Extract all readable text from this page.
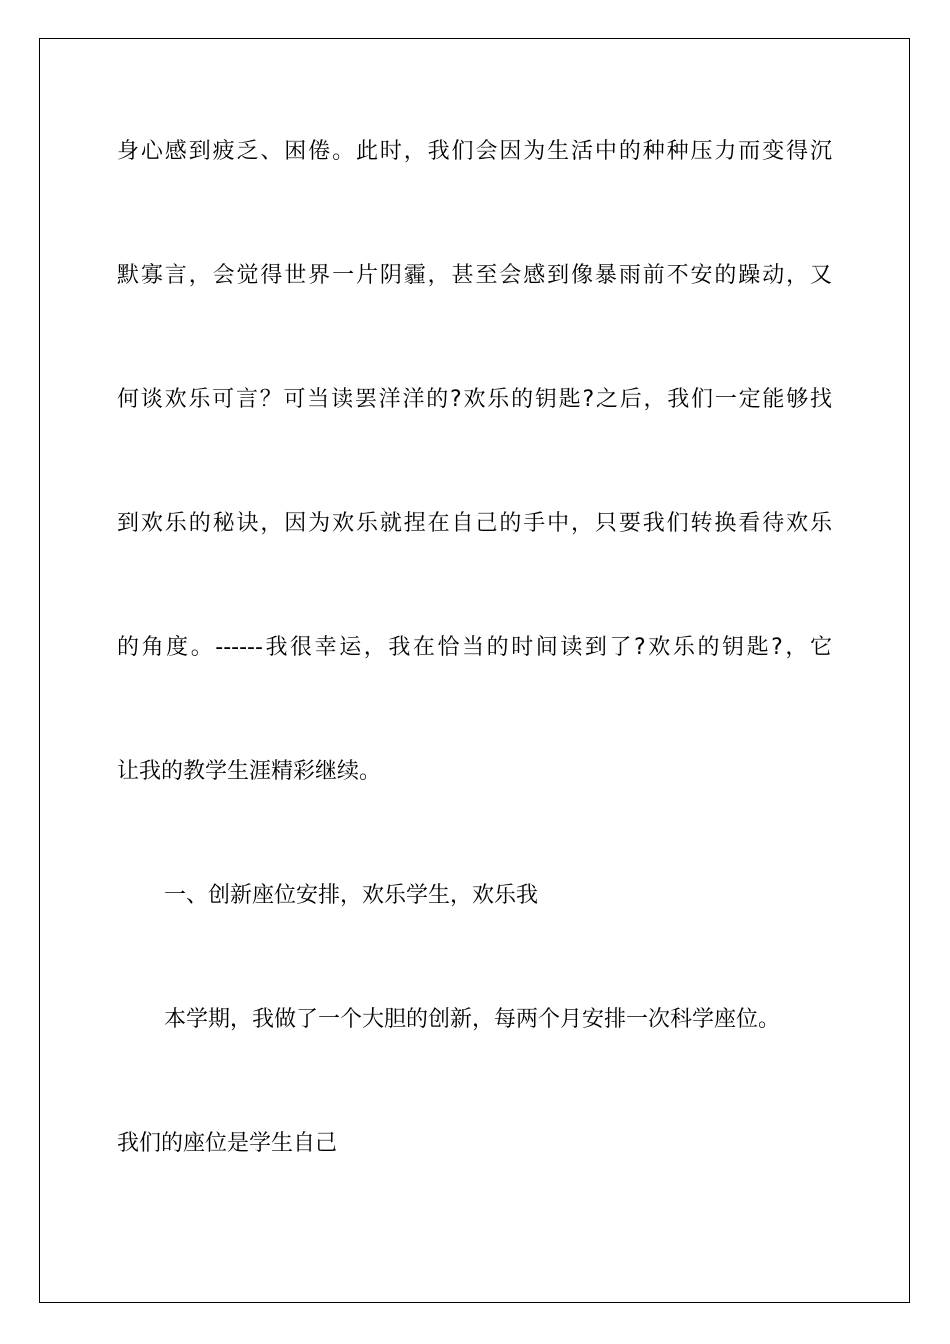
身心感到疲乏、困倦。此时，我们会因为生活中的种种压力而变得沉
默寡言，会觉得世界一片阴霾，甚至会感到像暴雨前不安的躁动，又
何谈欢乐可言？可当读罢洋洋的?欢乐的钥匙?之后，我们一定能够找
到欢乐的秘诀，因为欢乐就捏在自己的手中，只要我们转换看待欢乐
的角度。------我很幸运，我在恰当的时间读到了?欢乐的钥匙?，它
让我的教学生涯精彩继续。
一、创新座位安排，欢乐学生，欢乐我
本学期，我做了一个大胆的创新，每两个月安排一次科学座位。
我们的座位是学生自己
